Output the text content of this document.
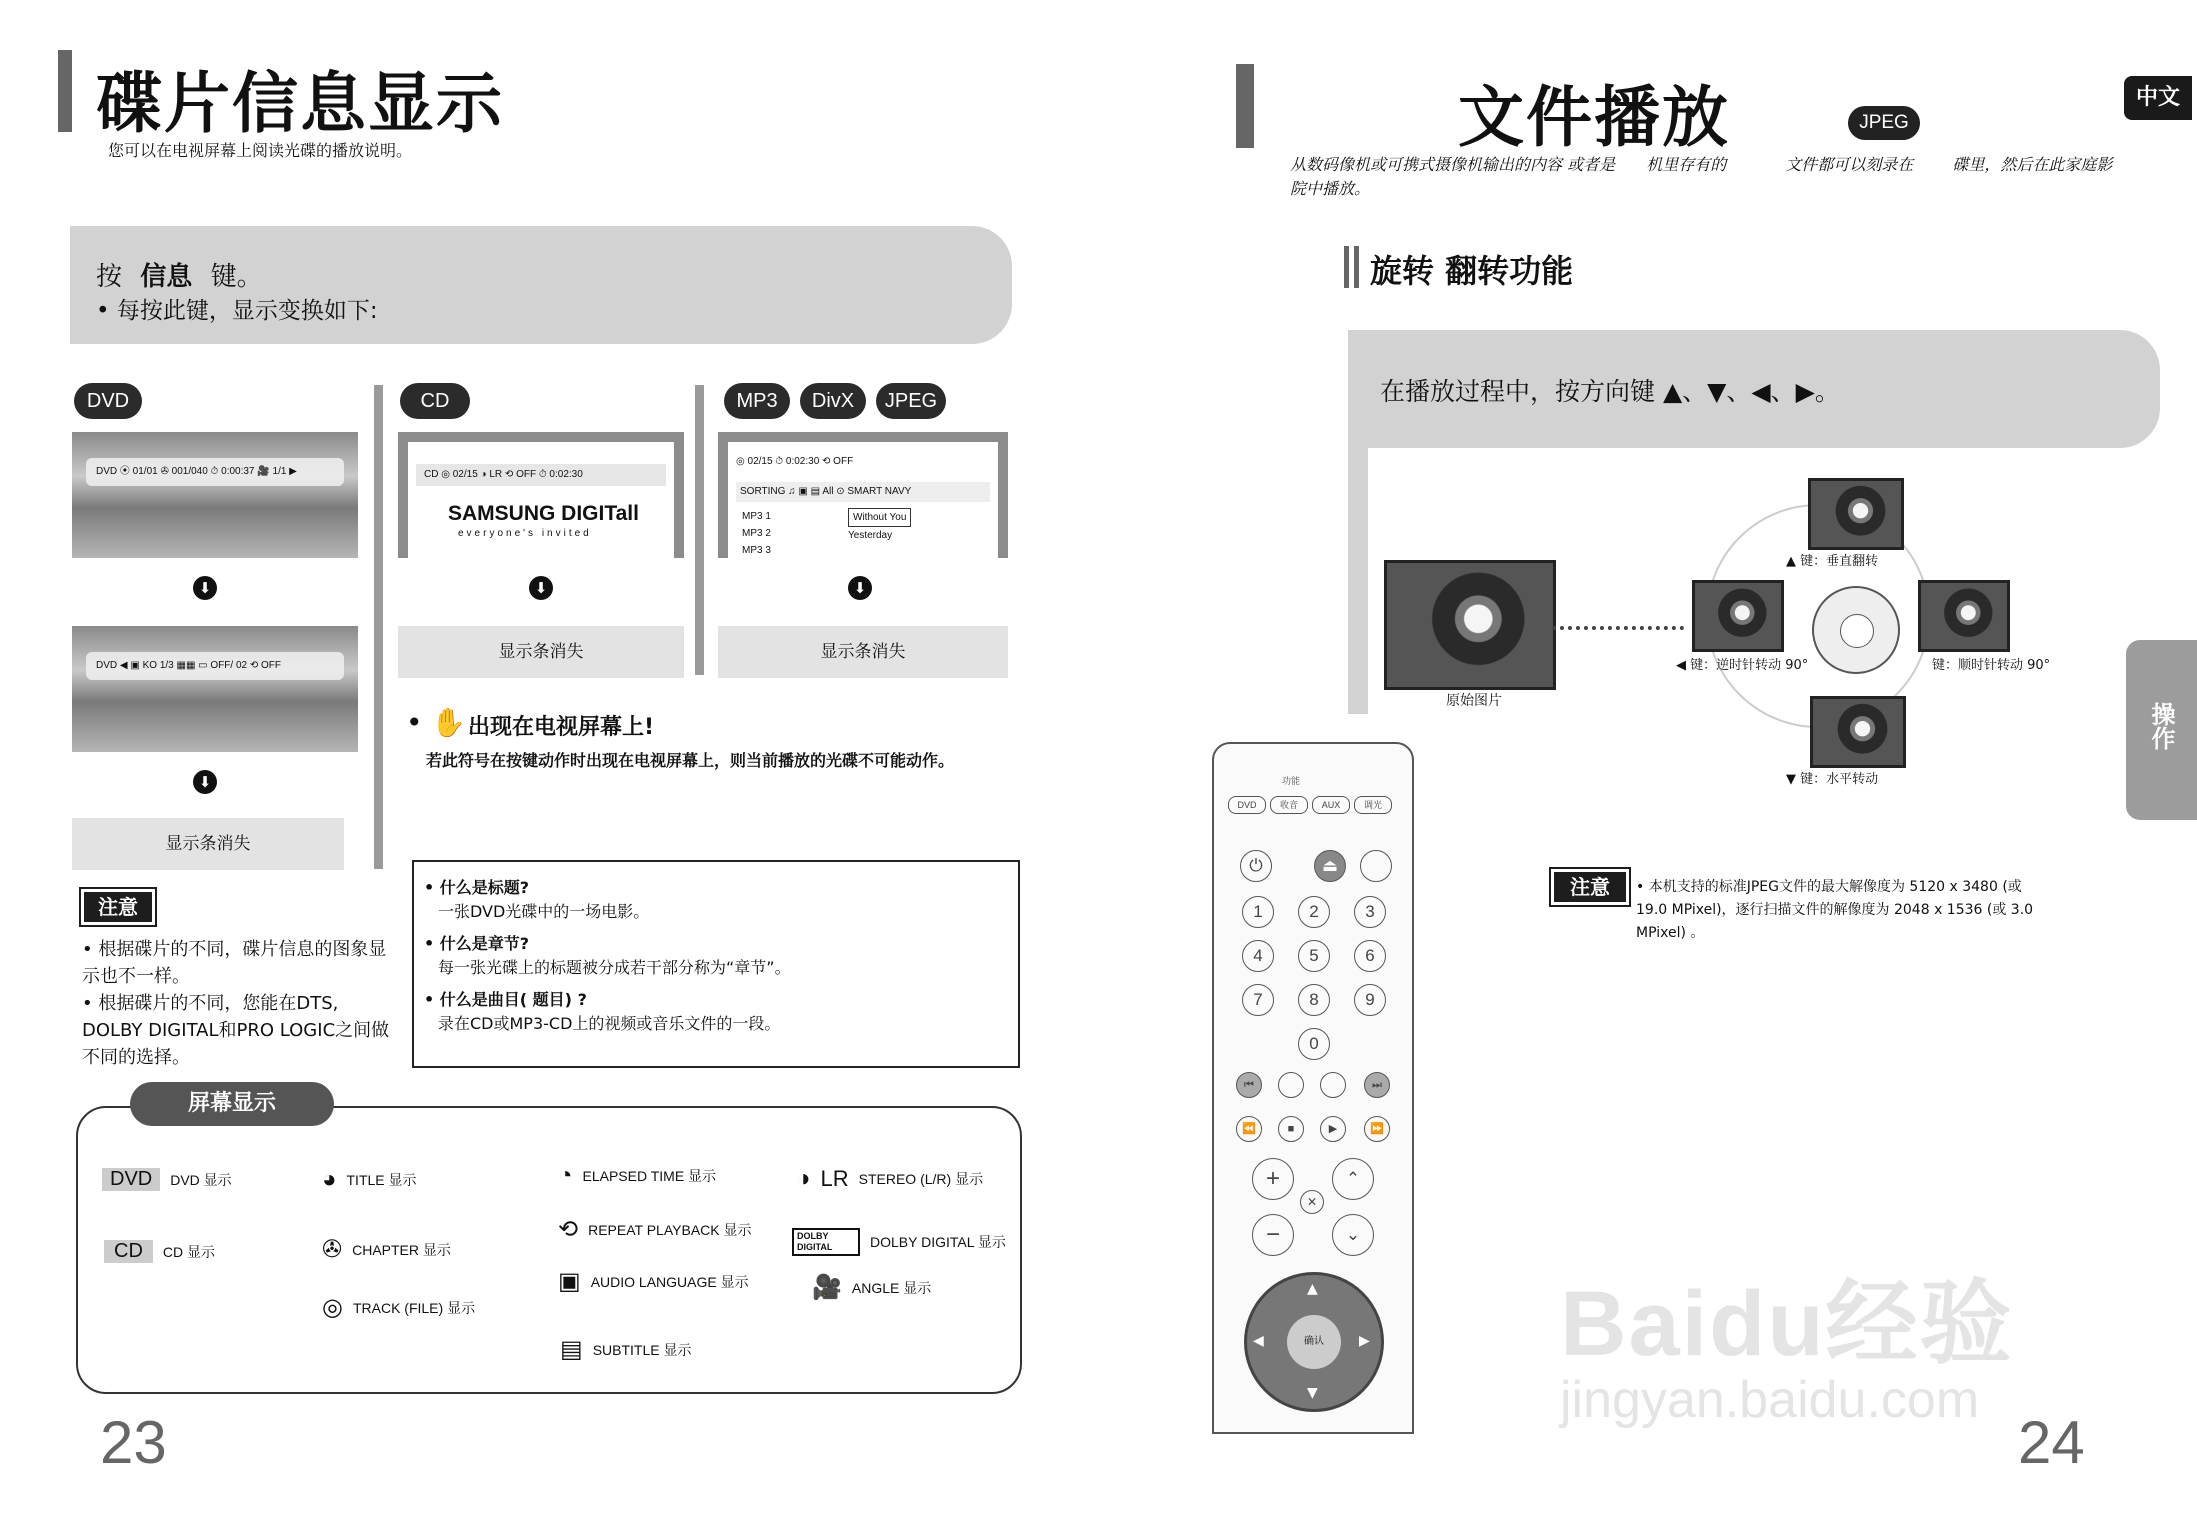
碟片信息显示
您可以在电视屏幕上阅读光碟的播放说明。
按 信息 键。
• 每按此键，显示变换如下:
DVD
DVD ⦿ 01/01 ✇ 001/040 ⏱ 0:00:37 🎥 1/1 ▶
⬇
DVD ◀ ▣ KO 1/3 ▦▦ ▭ OFF/ 02 ⟲ OFF
⬇
显示条消失
CD
CD ◎ 02/15 ◑ LR ⟲ OFF ⏱ 0:02:30
SAMSUNG DIGITall
everyone's invited
⬇
显示条消失
MP3	DivX	JPEG
◎ 02/15 ⏱ 0:02:30 ⟲ OFF
SORTING ♫ ▣ ▤ All ⊙ SMART NAVY
MP3 1
MP3 2
MP3 3
Without You
Yesterday
⬇
显示条消失
• ✋ 出现在电视屏幕上!
若此符号在按键动作时出现在电视屏幕上，则当前播放的光碟不可能动作。
注意
• 根据碟片的不同，碟片信息的图象显示也不一样。
• 根据碟片的不同，您能在DTS, DOLBY DIGITAL和PRO LOGIC之间做不同的选择。
• 什么是标题?
一张DVD光碟中的一场电影。
• 什么是章节?
每一张光碟上的标题被分成若干部分称为“章节”。
• 什么是曲目( 题目) ?
录在CD或MP3-CD上的视频或音乐文件的一段。
屏幕显示
DVD	DVD 显示
CD	CD 显示
◕ TITLE 显示
✇ CHAPTER 显示
◎ TRACK (FILE) 显示
◔ ELAPSED TIME 显示
⟲ REPEAT PLAYBACK 显示
▣ AUDIO LANGUAGE 显示
▤ SUBTITLE 显示
◑ LR STEREO (L/R) 显示
DOLBY DIGITAL	DOLBY DIGITAL 显示
🎥 ANGLE 显示
23
文件播放	JPEG
中文
从数码像机或可携式摄像机输出的内容 或者是 机里存有的	文件都可以刻录在 碟里，然后在此家庭影
院中播放。
旋转 翻转功能
在播放过程中，按方向键 ▲、▼、◀、▶。
原始图片
▲ 键：垂直翻转
◀ 键：逆时针转动 90°	键：顺时针转动 90°
▼ 键：水平转动
功能
DVD	收音	AUX	调光
⏻	⏏
1	2	3
4	5	6
7	8	9
0
⏮	⏭
⏪	■	▶	⏩
+	⌃
✕
−	⌄
确认
▲
▼
◀	▶
注意	• 本机支持的标准JPEG文件的最大解像度为 5120 x 3480 (或 19.0 MPixel)，逐行扫描文件的解像度为 2048 x 1536 (或 3.0 MPixel) 。
操作
Baidu经验
jingyan.baidu.com
24
